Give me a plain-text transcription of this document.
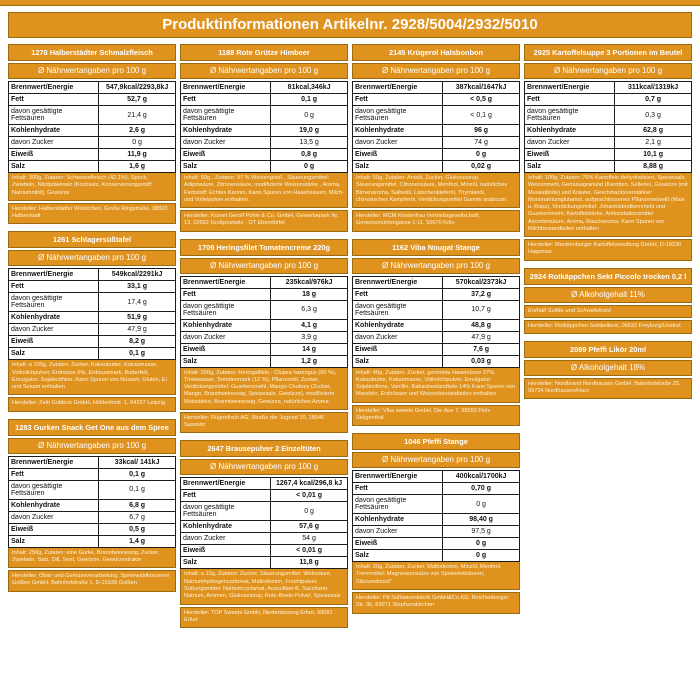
Produktinformationen Artikelnr. 2928/5004/2932/5010
1278 Halberstädter Schmalzfleisch
Ø Nährwertangaben pro 100 g
Brennwert/Energie	547,9kcal/2293,8kJ
Fett	52,7 g
davon gesättigte Fettsäuren	21,4 g
Kohlenhydrate	2,6 g
davon Zucker	0 g
Eiweiß	11,9 g
Salz	1,6 g
Inhalt: 300g, Zutaten: Schweinefleisch (42,1%), Speck, Zwiebeln, Nitritpökelsalz (Kochsalz, Konservierungsstoff: Natriumnitrit), Gewürze
Hersteller: Halberstädter Würstchen, Große Ringstraße, 38820 Halberstadt
1261 Schlagersüßtafel
Ø Nährwertangaben pro 100 g
Brennwert/Energie	549kcal/2291kJ
Fett	33,1 g
davon gesättigte Fettsäuren	17,4 g
Kohlenhydrate	51,9 g
davon Zucker	47,9 g
Eiweiß	8,2 g
Salz	0,1 g
Inhalt: a 100g, Zutaten: Zucker, Kakaobutter, Kakaomasse, Vollmilchpulver, Erdnüsse 6%, Erdnussmark, Butterfett, Emulgator: Sojalecithine. Kann Spuren von Nüssen, Gluten, Ei und Sesam enthalten
Hersteller: Zetti Goldeck GmbH, Hölderlinstr. 1, 04157 Leipzig
1283 Gurken Snack Get One aus dem Spree
Ø Nährwertangaben pro 100 g
Brennwert/Energie	33kcal/ 141kJ
Fett	0,1 g
davon gesättigte Fettsäuren	0,1 g
Kohlenhydrate	6,8 g
davon Zucker	6,7 g
Eiweiß	0,5 g
Salz	1,4 g
Inhalt: 250g, Zutaten: eine Gurke, Branntweinessig, Zucker, Zwiebeln, Salz, Dill, Senf, Gewürze, Gewürzextrakte
Hersteller: Obst- und Gemüseverarbeitung, Spreewaldkonserve Golßen GmbH, Bahnhofstraße 1, D-15938 Golßen
1188 Rote Grütze Himbeer
Ø Nährwertangaben pro 100 g
Brennwert/Energie	81kcal,346kJ
Fett	0,1 g
davon gesättigte Fettsäuren	0 g
Kohlenhydrate	19,0 g
davon Zucker	13,5 g
Eiweiß	0,8 g
Salz	0 g
Inhalt: 50g , Zutaten: 97 % Weizengrieß , Säuerungsmittel: Adipinsäure, Zitronensäure, modifizierte Weizenstärke , Aroma, Farbstoff: Echtes Karmin. Kann Spuren von Haselnüssen, Milch- und Volleipulver enthalten.
Hersteller: Komet Gerolf Pöhle & Co. GmbH, Gewerbepark Nr. 13, 02692 Großpostwitz - OT Ebendörfel
1709 Heringsfilet Tomatencreme 220g
Ø Nährwertangaben pro 100 g
Brennwert/Energie	235kcal/976kJ
Fett	18 g
davon gesättigte Fettsäuren	6,3 g
Kohlenhydrate	4,1 g
davon Zucker	3,9 g
Eiweiß	14 g
Salz	1,2 g
Inhalt: 200g, Zutaten: Heringsfilets - Clupea harengus (60 %), Trinkwasser, Tomatenmark (12 %), Pflanzenöl, Zucker, Verdickungsmittel: Guarkernmehl, Mango-Chutney (Zucker, Mango, Branntweinessig, Speisesalz, Gewürze), modifizierte Maisstärke, Branntweinessig, Gewürze, natürliches Aroma
Hersteller: Rügenfisch AG, Straße der Jugend 10, 18546 Sassnitz
2647 Brausepulver 2 Einzeltüten
Ø Nährwertangaben pro 100 g
Brennwert/Energie	1267,4 kcal/296,8 kJ
Fett	< 0,01 g
davon gesättigte Fettsäuren	0 g
Kohlenhydrate	57,6 g
davon Zucker	54 g
Eiweiß	< 0,01 g
Salz	11,8 g
Inhalt: a 10g, Zutaten: Zucker, Säuerungsmittel: Weinsäure, Natriumhydrogencarbonat, Maltodextrin, Fruchtpulver, Süßungsmittel: Natriumcyclamat, Acesulfam-K, Saccharin-Natrium, Aromen, Glukosesirup, Rote-Beete-Pulver, Speisesalz
Hersteller: TOP Sweets GmbH, Niederlassung Erfurt, 99091 Erfurt
2145 Krügerol Halsbonbon
Ø Nährwertangaben pro 100 g
Brennwert/Energie	387kcal/1647kJ
Fett	< 0,5 g
davon gesättigte Fettsäuren	< 0,1 g
Kohlenhydrate	96 g
davon Zucker	74 g
Eiweiß	0 g
Salz	0,02 g
Inhalt: 50g, Zutaten: Anisöl, Zucker, Glukosesirup, Säuerungsmittel, Citronensäure, Menthol, Minzöl, natürliches Birnenaroma, Salbeiöl, Latschenkieferöl, Thymianöl, chinesisches Kampferöl, Verdickungsmittel Gummi arabicum
Hersteller: MCM Klosterfrau Vertriebsgesellschaft, Gereonsmühlengasse 1-11, 50670 Köln
1162 Viba Nougat Stange
Ø Nährwertangaben pro 100 g
Brennwert/Energie	570kcal/2373kJ
Fett	37,2 g
davon gesättigte Fettsäuren	10,7 g
Kohlenhydrate	48,8 g
davon Zucker	47,9 g
Eiweiß	7,6 g
Salz	0,03 g
Inhalt: 40g, Zutaten: Zucker, geröstete Haselnüsse 37%, Kakaobutter, Kakaomasse, Vollmilchpulver, Emulgator: Sojalecithine, Vanillin, Kakaobestandteile 14% Kann Spuren von Mandeln, Erdnüssen und Weizenbestandteilen enthalten.
Hersteller: Viba sweets GmbH, Die Aue 7, 98593 Floh-Seligenthal
1046 Pfeffi Stange
Ø Nährwertangaben pro 100 g
Brennwert/Energie	400kcal/1700kJ
Fett	0,70 g
davon gesättigte Fettsäuren	0 g
Kohlenhydrate	98,40 g
davon Zucker	97,5 g
Eiweiß	0 g
Salz	0 g
Inhalt: 20g, Zutaten: Zucker, Maltodextrin, Minzöl, Menthol, Trennmittel: Magnesiumsalze von Speisefettsäuren; Siliciumdioxid"
Hersteller: Pit Süßwarenfabrik GmbH&Co.KG, Reichenberger Str. 36, 83071 Stephanskirchen
2925 Kartoffelsuppe 3 Portionen im Beutel
Ø Nährwertangaben pro 100 g
Brennwert/Energie	311kcal/1319kJ
Fett	0,7 g
davon gesättigte Fettsäuren	0,3 g
Kohlenhydrate	62,8 g
davon Zucker	2,1 g
Eiweiß	10,1 g
Salz	8,88 g
Inhalt: 100g, Zutaten: 76% Kartoffeln dehydratisiert, Speisesalz, Weizenmehl, Gemüsegranulat (Karotten, Sellerie), Gewürze (mit Muskatblüte) und Kräuter, Geschmacksverstärker: Mononatriumglutamat, aufgeschlossenes Pflanzeneiweiß (Mais u. Raps), Verdickungsmittel: Johannisbrotkernmehl und Guarkernmehl, Kartoffelstärke, Antioxidationsmittel Ascorbinsäure, Aroma, Raucharoma. Kann Spuren von Milchbestandteilen enthalten
Hersteller: Mecklenburger Kartoffelveredlung GmbH, D-19230 Hagenow
2924 Rotkäppchen Sekt Piccolo trocken 0,2 l
Ø Alkoholgehalt 11%
Enthält Sulfite und Schwefeloxid
Hersteller: Rotkäppchen Sektkellerei, 06632 Freyburg/Unstrut
2089 Pfeffi Likör 20ml
Ø Alkoholgehalt 18%
Hersteller: Nordbrand Nordhausen GmbH, Bahnhofstraße 25, 99734 Nordhausen/Harz
